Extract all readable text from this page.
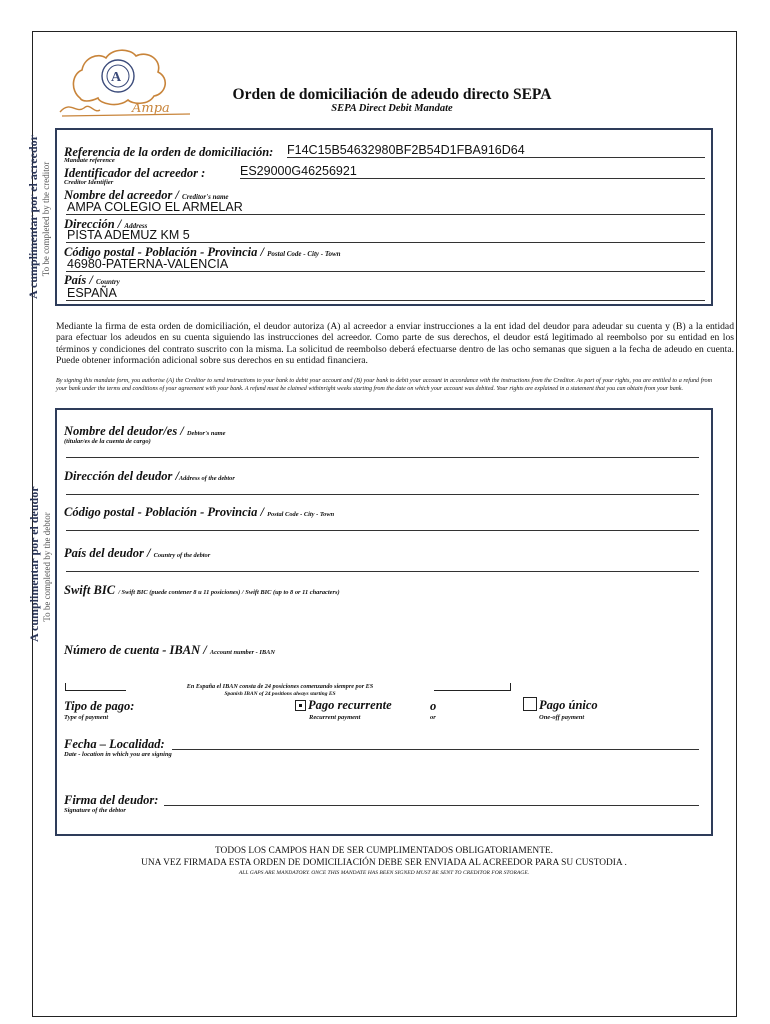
A
Ampa
Orden de domiciliación de adeudo directo SEPA
SEPA Direct Debit Mandate
A cumplimentar por el acreedor To be completed by the creditor
Referencia de la orden de domiciliación: F14C15B54632980BF2B54D1FBA916D64
Mandate reference
Identificador del acreedor :	ES29000G46256921
Creditor Identifier
Nombre del acreedor / Creditor's name
AMPA COLEGIO EL ARMELAR
Dirección / Address
PISTA ADEMUZ KM 5
Código postal - Población - Provincia / Postal Code - City - Town
46980-PATERNA-VALENCIA
País / Country
ESPAÑA
Mediante la firma de esta orden de domiciliación, el deudor autoriza (A) al acreedor a enviar instrucciones a la ent idad del deudor para adeudar su cuenta y (B) a la entidad para efectuar los adeudos en su cuenta siguiendo las instrucciones del acreedor. Como parte de sus derechos, el deudor está legitimado al reembolso por su entidad en los términos y condiciones del contrato suscrito con la misma. La solicitud de reembolso deberá efectuarse dentro de las ocho semanas que siguen a la fecha de adeudo en cuenta. Puede obtener información adicional sobre sus derechos en su entidad financiera.
By signing this mandate form, you authorise (A) the Creditor to send instructions to your bank to debit your account and (B) your bank to debit your account in accordance with the instructions from the Creditor. As part of your rights, you are entitled to a refund from your bank under the terms and conditions of your agreement with your bank. A refund must be claimed withinright weeks starting from the date on which your account was debited. Your rights are explained in a statement that you can obtain from your bank.
A cumplimentar por el deudor To be completed by the debtor
Nombre del deudor/es / Debtor's name
(titular/es de la cuenta de cargo)
Dirección del deudor /Address of the debtor
Código postal - Población - Provincia / Postal Code - City - Town
País del deudor / Country of the debtor
Swift BIC / Swift BIC (puede contener 8 u 11 posiciones) / Swift BIC (up to 8 or 11 characters)
Número de cuenta - IBAN / Account number - IBAN
En España el IBAN consta de 24 posiciones comenzando siempre por ES
Spanish IBAN of 24 positions always starting ES
Tipo de pago:
Type of payment
Pago recurrente
Recurrent payment
o
or
Pago único
One-off payment
Fecha – Localidad:
Date - location in which you are signing
Firma del deudor:
Signature of the debtor
TODOS LOS CAMPOS HAN DE SER CUMPLIMENTADOS OBLIGATORIAMENTE.
UNA VEZ FIRMADA ESTA ORDEN DE DOMICILIACIÓN DEBE SER ENVIADA AL ACREEDOR PARA SU CUSTODIA .
ALL GAPS ARE MANDATORY. ONCE THIS MANDATE HAS BEEN SIGNED MUST BE SENT TO CREDITOR FOR STORAGE.
